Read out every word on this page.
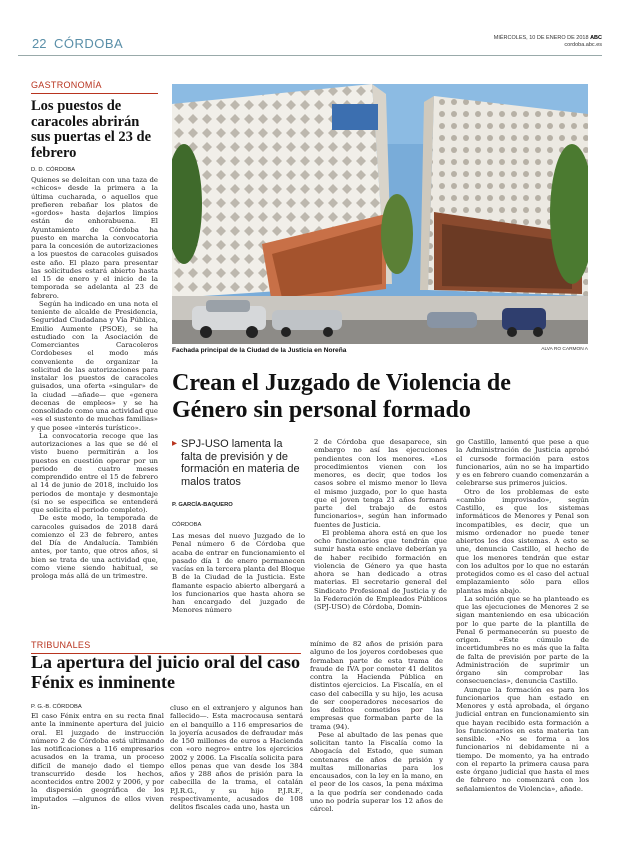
22 CÓRDOBA	MIÉRCOLES, 10 DE ENERO DE 2018 ABC
cordoba.abc.es
GASTRONOMÍA
Los puestos de caracoles abrirán sus puertas el 23 de febrero
D. D. CÓRDOBA

Quienes se deleitan con una taza de «chicos» desde la primera a la última cucharada, o aquellos que prefieren rebañar los platos de «gordos» hasta dejarlos limpios están de enhorabuena. El Ayuntamiento de Córdoba ha puesto en marcha la convocatoria para la concesión de autorizaciones a los puestos de caracoles guisados este año. El plazo para presentar las solicitudes estará abierto hasta el 15 de enero y el inicio de la temporada se adelanta al 23 de febrero.

Según ha indicado en una nota el teniente de alcalde de Presidencia, Seguridad Ciudadana y Vía Pública, Emilio Aumente (PSOE), se ha estudiado con la Asociación de Comerciantes Caracoleros Cordobeses el modo más conveniente de organizar la solicitud de las autorizaciones para instalar los puestos de caracoles guisados, una oferta «singular» de la ciudad —añade— que «genera decenas de empleos» y se ha consolidado como una actividad que «es el sustento de muchas familias» y que posee «interés turístico».

La convocatoria recoge que las autorizaciones a las que se dé el visto bueno permitirán a los puestos en cuestión operar por un periodo de cuatro meses comprendido entre el 15 de febrero al 14 de junio de 2018, incluido los periodos de montaje y desmontaje (si no se especifica se entenderá que solicita el periodo completo).

De este modo, la temporada de caracoles guisados de 2018 dará comienzo el 23 de febrero, antes del Día de Andalucía. También antes, por tanto, que otros años, si bien se trata de una actividad que, como viene siendo habitual, se prologa más allá de un trimestre.

Fachada principal de la Ciudad de la Justicia en Noreña	ALVA RO CARMON A
Crean el Juzgado de Violencia de Género sin personal formado
▸ SPJ-USO lamenta la falta de previsión y de formación en materia de malos tratos
P. GARCÍA-BAQUERO
CÓRDOBA

Las mesas del nuevo Juzgado de lo Penal número 6 de Córdoba que acaba de entrar en funcionamiento el pasado día 1 de enero permanecen vacías en la tercera planta del Bloque B de la Ciudad de la Justicia. Este flamante espacio abierto albergará a los funcionarios que hasta ahora se han encargado del juzgado de Menores número

2 de Córdoba que desaparece, sin embargo no así las ejecuciones pendientes con los menores. «Los procedimientos vienen con los menores, es decir, que todos los casos sobre el mismo menor lo lleva el mismo juzgado, por lo que hasta que el joven tenga 21 años formará parte del trabajo de estos funcionarios», según han informado fuentes de Justicia.

El problema ahora está en que los ocho funcionarios que tendrán que sumir hasta este enclave deberían ya de haber recibido formación en violencia de Género ya que hasta ahora se han dedicado a otras materias. El secretario general del Sindicato Profesional de Justicia y de la Federación de Empleados Públicos (SPJ-USO) de Córdoba, Domin-

go Castillo, lamentó que pese a que la Administración de Justicia aprobó el cursode formación para estos funcionarios, aún no se ha impartido y es en febrero cuando comenzarán a celebrarse sus primeros juicios.

Otro de los problemas de este «cambio improvisado», según Castillo, es que los sistemas informáticos de Menores y Penal son incompatibles, es decir, que un mismo ordenador no puede tener abiertos los dos sistemas. A esto se une, denuncia Castillo, el hecho de que los menores tendrán que estar con los adultos por lo que no estarán protegidos como es el caso del actual emplazamiento sólo para ellos plantas más abajo.

La solución que se ha planteado es que las ejecuciones de Menores 2 se sigan manteniendo en esa ubicación por lo que parte de la plantilla de Penal 6 permanecerán su puesto de origen. «Este cúmulo de incertidumbres no es más que la falta de falta de previsión por parte de la Administración de suprimir un órgano sin comprobar las consecuencias», denuncia Castillo.

Aunque la formación es para los funcionarios que han estado en Menores y está aprobada, el órgano judicial entran en funcionamiento sin que hayan recibido esta formación a los funcionarios en esta materia tan sensible. «No se forma a los funcionarios ni debidamente ni a tiempo. De momento, ya ha entrado con el reparto la primera causa para este órgano judicial que hasta el mes de febrero no comenzará con los señalamientos de Violencia», añade.

TRIBUNALES
La apertura del juicio oral del caso Fénix es inminente
P. G.-B. CÓRDOBA

El caso Fénix entra en su recta final ante la inminente apertura del juicio oral. El juzgado de instrucción número 2 de Córdoba está ultimando las notificaciones a 116 empresarios acusados en la trama, un proceso difícil de manejo dado el tiempo transcurrido desde los hechos, acontecidos entre 2002 y 2006, y por la dispersión geográfica de los imputados —algunos de ellos viven in-

cluso en el extranjero y algunos han fallecido—. Esta macrocausa sentará en el banquillo a 116 empresarios de la joyería acusados de defraudar más de 150 millones de euros a Hacienda con «oro negro» entre los ejercicios 2002 y 2006. La Fiscalía solicita para ellos penas que van desde los 384 años y 288 años de prisión para la cabecilla de la trama, el catalán P.J.R.G., y su hijo P.J.R.F., respectivamente, acusados de 108 delitos fiscales cada uno, hasta un

mínimo de 82 años de prisión para alguno de los joyeros cordobeses que formaban parte de esta trama de fraude de IVA por cometer 41 delitos contra la Hacienda Pública en distintos ejercicios. La Fiscalía, en el caso del cabecilla y su hijo, les acusa de ser cooperadores necesarios de los delitos cometidos por las empresas que formaban parte de la trama (94).

Pese al abultado de las penas que solicitan tanto la Fiscalía como la Abogacía del Estado, que suman centenares de años de prisión y multas millonarias para los encausados, con la ley en la mano, en el peor de los casos, la pena máxima a la que podría ser condenado cada uno no podría superar los 12 años de cárcel.
